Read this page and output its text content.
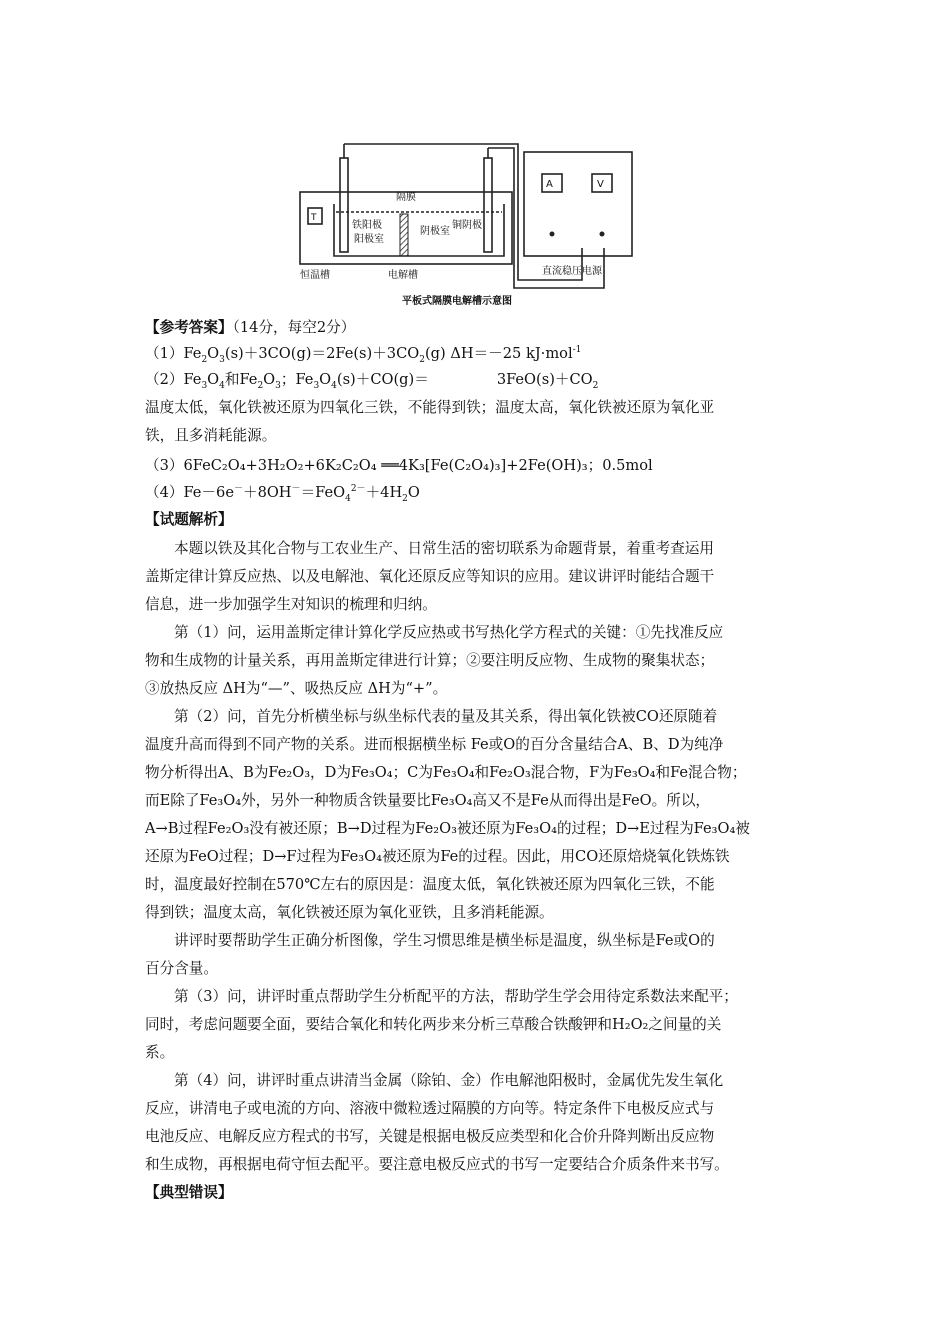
T
隔膜
铁阳极
阳极室
阴极室
铜阴极
恒温槽	电解槽
A	V
直流稳压电源
平板式隔膜电解槽示意图
【参考答案】（14分，每空2分）
$(1)Fe_2O_3(s)+3CO(g)=2Fe(s)+3CO_2(g)$ ΔH＝－25 kJ·mol$^{-1}$
$(2)Fe_3O_4$和$Fe_2O_3$；$Fe_3O_4(s)+CO(g)=$	$3FeO(s)+CO_2$
温度太低，氧化铁被还原为四氧化三铁，不能得到铁；温度太高，氧化铁被还原为氧化亚
铁，且多消耗能源。
（3）6FeC₂O₄+3H₂O₂+6K₂C₂O₄ ══4K₃[Fe(C₂O₄)₃]+2Fe(OH)₃；0.5mol
$(4)Fe-6e^-+8OH^-=FeO_4^{2-}+4H_2O$
【试题解析】
本题以铁及其化合物与工农业生产、日常生活的密切联系为命题背景，着重考查运用
盖斯定律计算反应热、以及电解池、氧化还原反应等知识的应用。建议讲评时能结合题干
信息，进一步加强学生对知识的梳理和归纳。
第（1）问，运用盖斯定律计算化学反应热或书写热化学方程式的关键：①先找准反应
物和生成物的计量关系，再用盖斯定律进行计算；②要注明反应物、生成物的聚集状态；
③放热反应 ΔH为“—”、吸热反应 ΔH为“+”。
第（2）问，首先分析横坐标与纵坐标代表的量及其关系，得出氧化铁被CO还原随着
温度升高而得到不同产物的关系。进而根据横坐标 Fe或O的百分含量结合A、B、D为纯净
物分析得出A、B为Fe₂O₃，D为Fe₃O₄；C为Fe₃O₄和Fe₂O₃混合物，F为Fe₃O₄和Fe混合物；
而E除了Fe₃O₄外，另外一种物质含铁量要比Fe₃O₄高又不是Fe从而得出是FeO。所以，
A→B过程Fe₂O₃没有被还原；B→D过程为Fe₂O₃被还原为Fe₃O₄的过程；D→E过程为Fe₃O₄被
还原为FeO过程；D→F过程为Fe₃O₄被还原为Fe的过程。因此，用CO还原焙烧氧化铁炼铁
时，温度最好控制在570℃左右的原因是：温度太低，氧化铁被还原为四氧化三铁，不能
得到铁；温度太高，氧化铁被还原为氧化亚铁，且多消耗能源。
讲评时要帮助学生正确分析图像，学生习惯思维是横坐标是温度，纵坐标是Fe或O的
百分含量。
第（3）问，讲评时重点帮助学生分析配平的方法，帮助学生学会用待定系数法来配平；
同时，考虑问题要全面，要结合氧化和转化两步来分析三草酸合铁酸钾和H₂O₂之间量的关
系。
第（4）问，讲评时重点讲清当金属（除铂、金）作电解池阳极时，金属优先发生氧化
反应，讲清电子或电流的方向、溶液中微粒透过隔膜的方向等。特定条件下电极反应式与
电池反应、电解反应方程式的书写，关键是根据电极反应类型和化合价升降判断出反应物
和生成物，再根据电荷守恒去配平。要注意电极反应式的书写一定要结合介质条件来书写。
【典型错误】
